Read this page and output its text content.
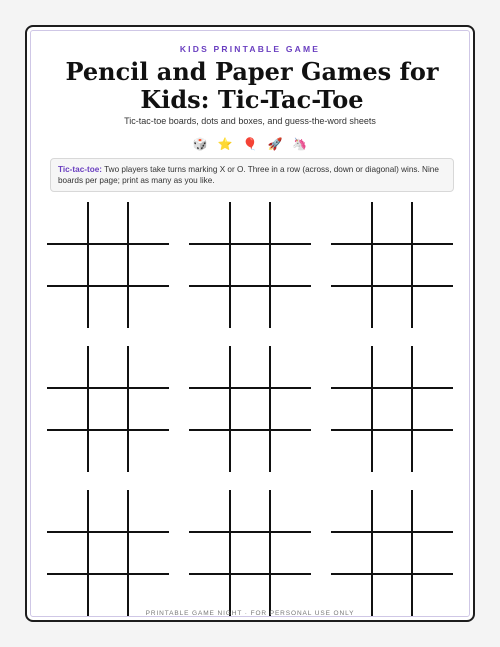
KIDS PRINTABLE GAME
Pencil and Paper Games for
Kids: Tic-Tac-Toe
Tic-tac-toe boards, dots and boxes, and guess-the-word sheets
🎲 ⭐ 🎈 🚀 🦄
Tic-tac-toe: Two players take turns marking X or O. Three in a row (across, down or diagonal) wins. Nine boards per page; print as many as you like.
PRINTABLE GAME NIGHT · FOR PERSONAL USE ONLY
